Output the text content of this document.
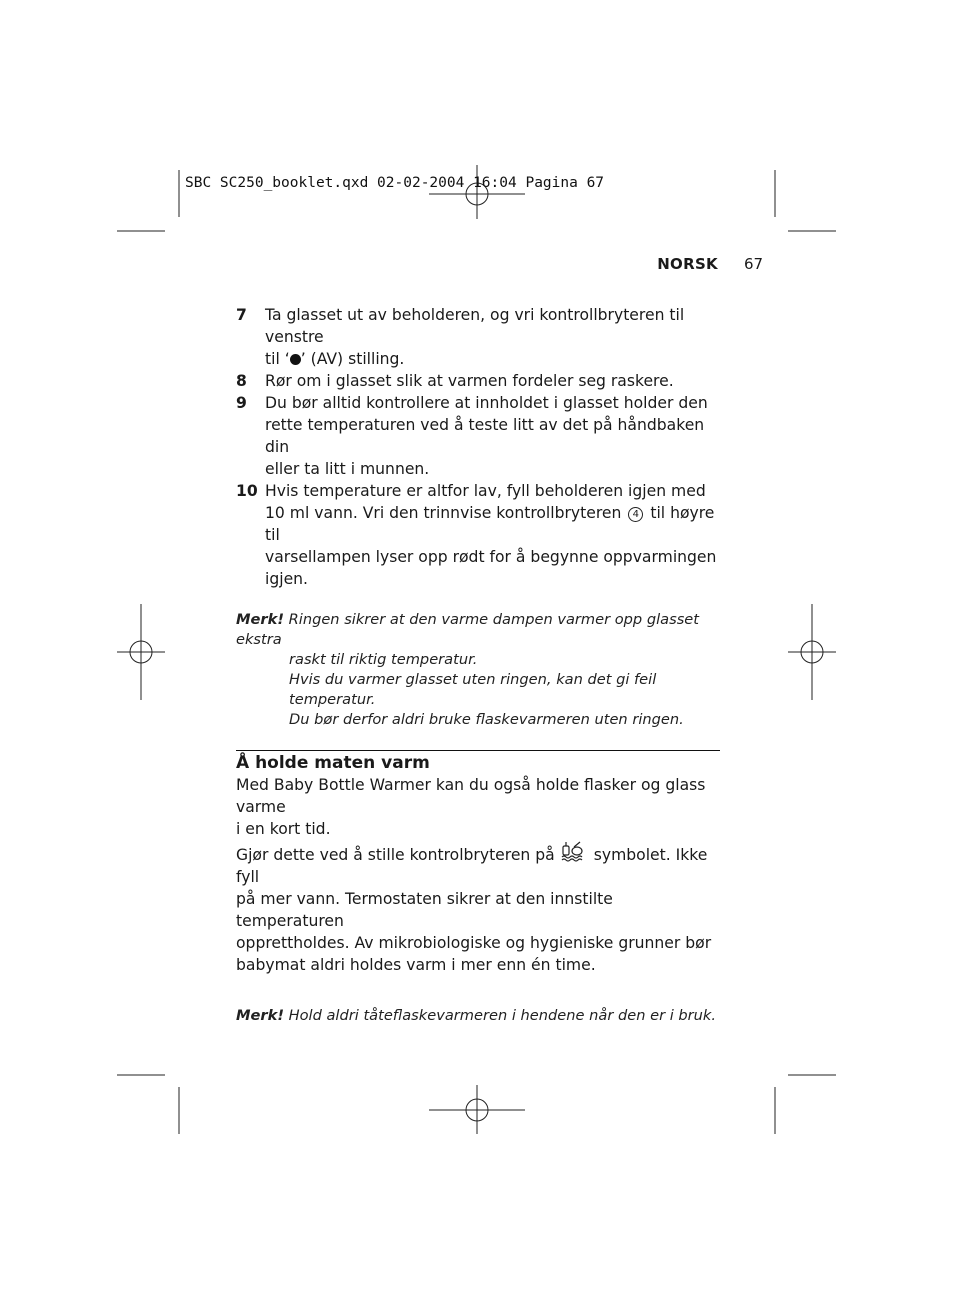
SBC SC250_booklet.qxd 02-02-2004 16:04 Pagina 67
NORSK 67
7	Ta glasset ut av beholderen, og vri kontrollbryteren til venstre
til ‘ ’ (AV) stilling.
8	Rør om i glasset slik at varmen fordeler seg raskere.
9	Du bør alltid kontrollere at innholdet i glasset holder den
rette temperaturen ved å teste litt av det på håndbaken din
eller ta litt i munnen.
10 Hvis temperature er altfor lav, fyll beholderen igjen med
10 ml vann. Vri den trinnvise kontrollbryteren 4 til høyre til
varsellampen lyser opp rødt for å begynne oppvarmingen
igjen.
Merk! Ringen sikrer at den varme dampen varmer opp glasset ekstra

raskt til riktig temperatur.
Hvis du varmer glasset uten ringen, kan det gi feil temperatur.
Du bør derfor aldri bruke flaskevarmeren uten ringen.
Å holde maten varm
Med Baby Bottle Warmer kan du også holde flasker og glass varme
i en kort tid.
Gjør dette ved å stille kontrolbryteren på	symbolet. Ikke fyll
på mer vann. Termostaten sikrer at den innstilte temperaturen
opprettholdes. Av mikrobiologiske og hygieniske grunner bør
babymat aldri holdes varm i mer enn én time.
Merk! Hold aldri tåteflaskevarmeren i hendene når den er i bruk.
